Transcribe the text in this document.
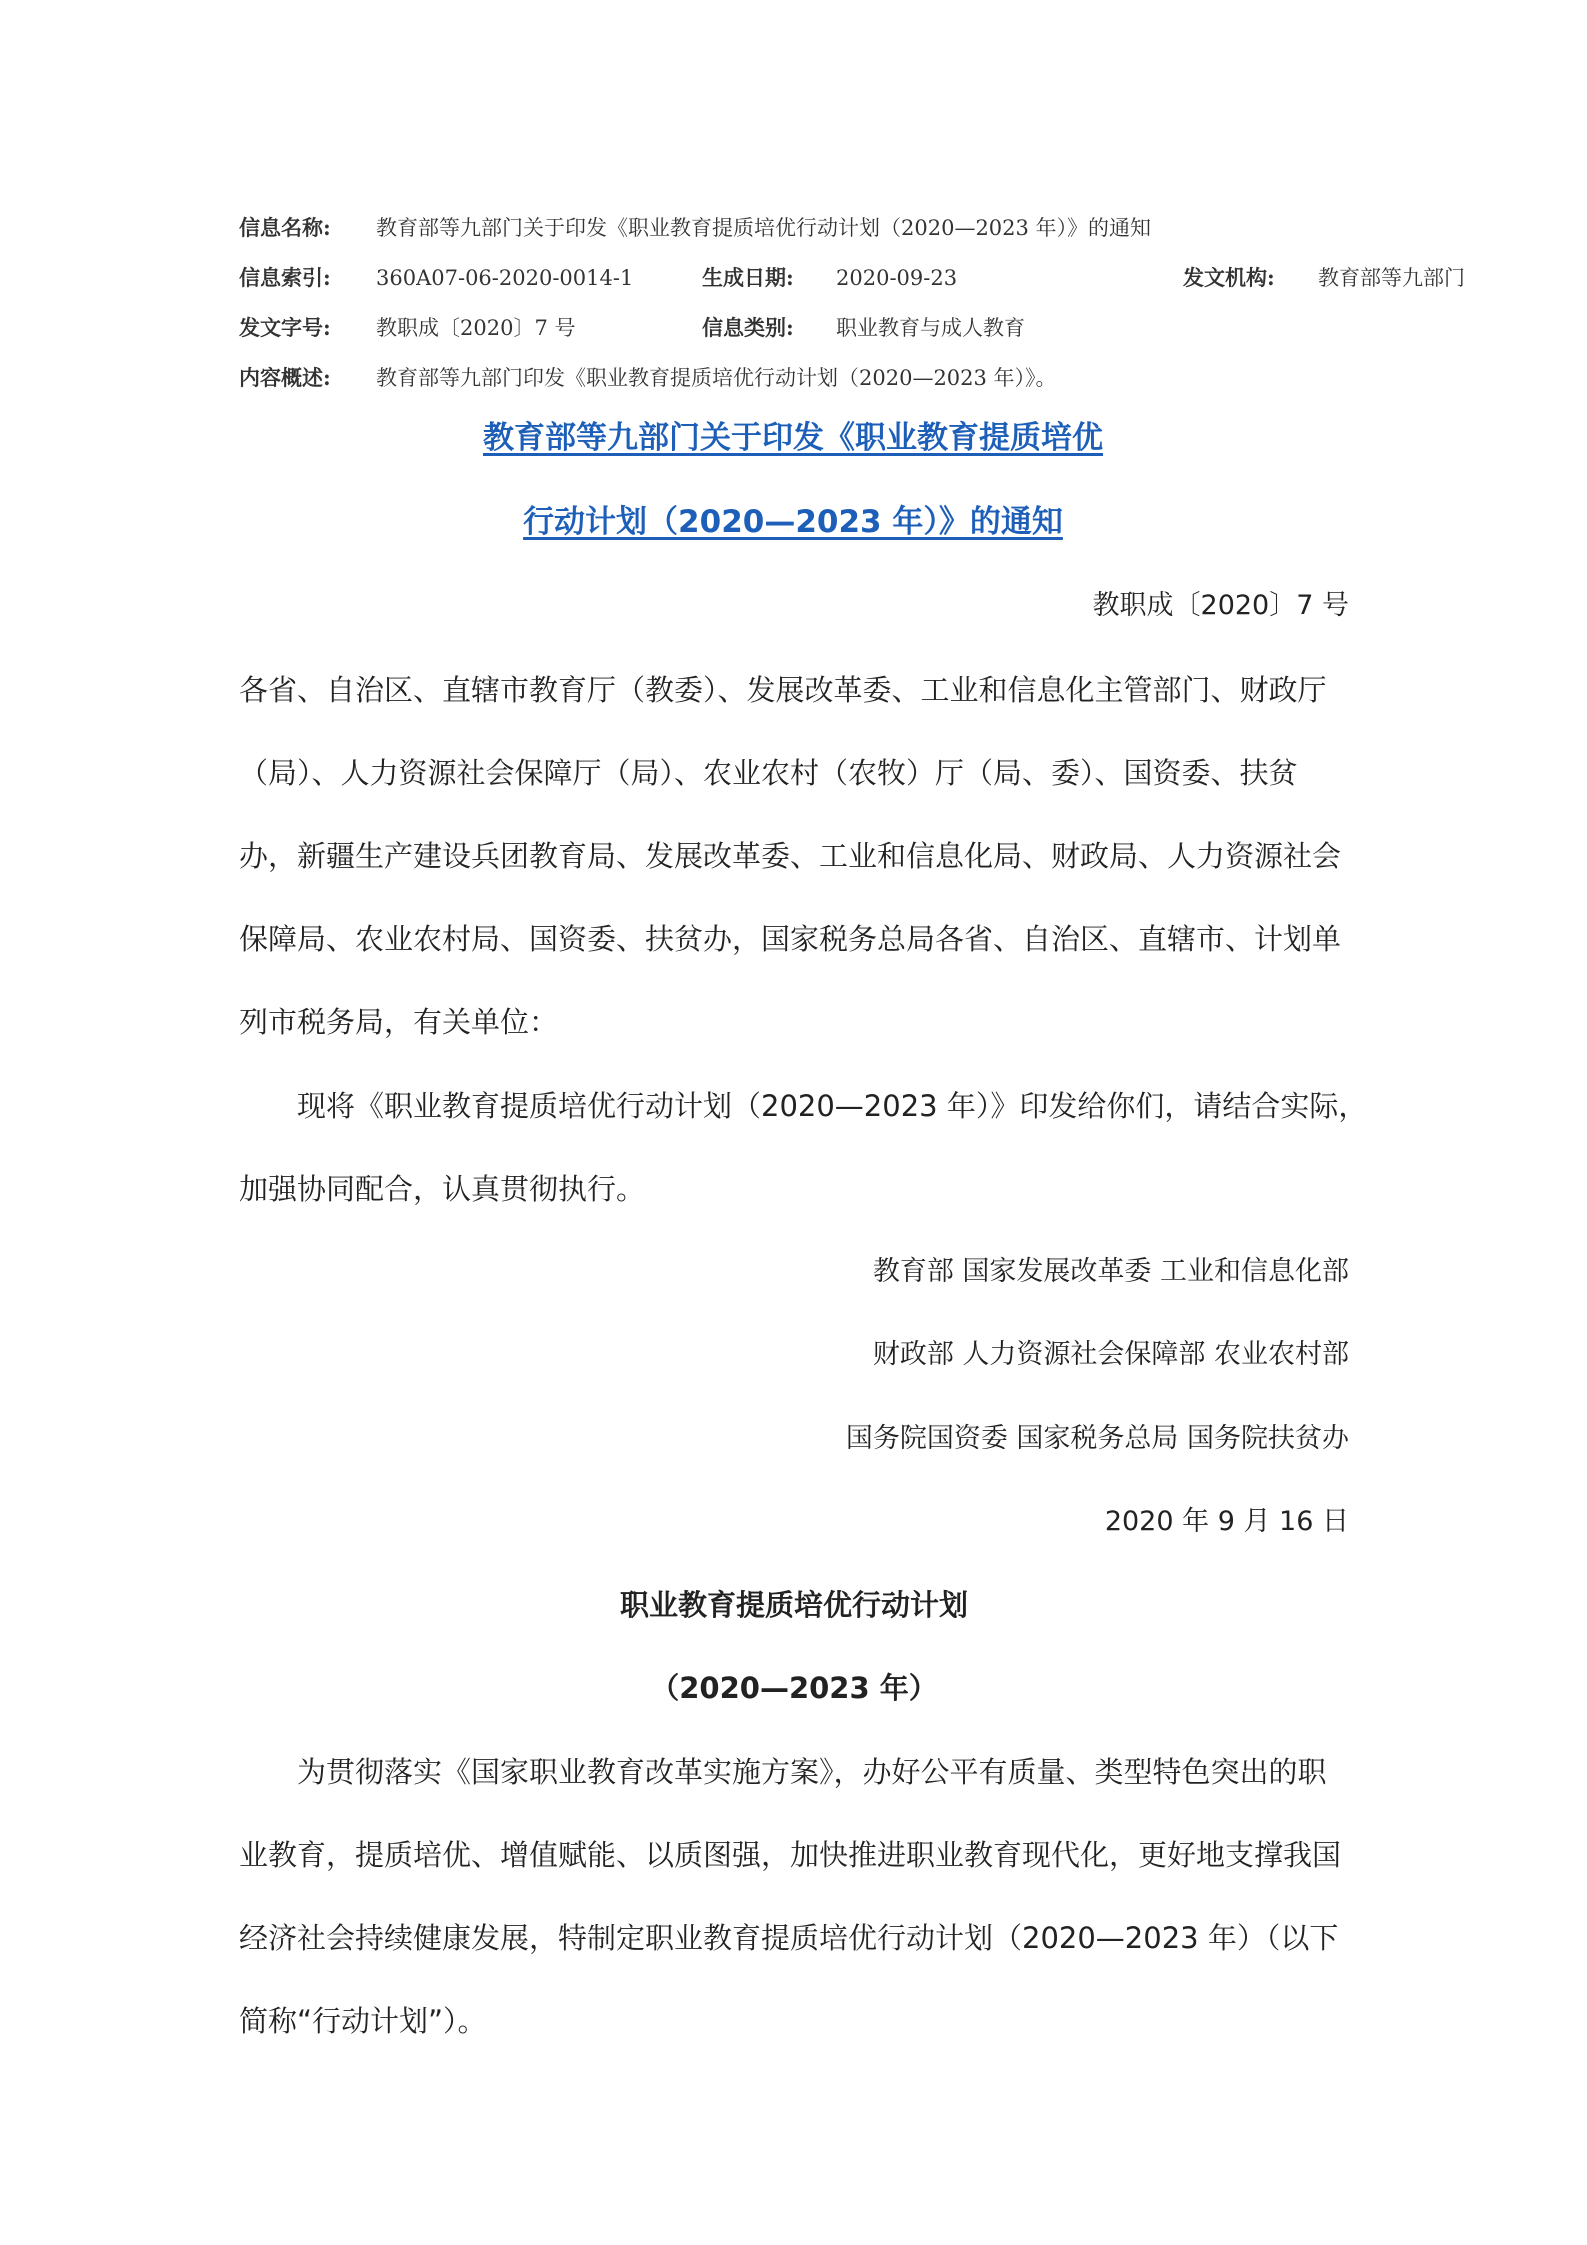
信息名称: 教育部等九部门关于印发《职业教育提质培优行动计划（2020—2023 年）》的通知
信息索引: 360A07-06-2020-0014-1	生成日期: 2020-09-23	发文机构: 教育部等九部门
发文字号: 教职成〔2020〕7 号	信息类别: 职业教育与成人教育
内容概述: 教育部等九部门印发《职业教育提质培优行动计划（2020—2023 年）》。
教育部等九部门关于印发《职业教育提质培优
行动计划（2020—2023 年）》的通知
教职成〔2020〕7 号
各省、自治区、直辖市教育厅（教委）、发展改革委、工业和信息化主管部门、财政厅
（局）、人力资源社会保障厅（局）、农业农村（农牧）厅（局、委）、国资委、扶贫
办，新疆生产建设兵团教育局、发展改革委、工业和信息化局、财政局、人力资源社会
保障局、农业农村局、国资委、扶贫办，国家税务总局各省、自治区、直辖市、计划单
列市税务局，有关单位：
现将《职业教育提质培优行动计划（2020—2023 年）》印发给你们，请结合实际，
加强协同配合，认真贯彻执行。
教育部 国家发展改革委 工业和信息化部
财政部 人力资源社会保障部 农业农村部
国务院国资委 国家税务总局 国务院扶贫办
2020 年 9 月 16 日
职业教育提质培优行动计划
（2020—2023 年）
为贯彻落实《国家职业教育改革实施方案》，办好公平有质量、类型特色突出的职
业教育，提质培优、增值赋能、以质图强，加快推进职业教育现代化，更好地支撑我国
经济社会持续健康发展，特制定职业教育提质培优行动计划（2020—2023 年）（以下
简称“行动计划”）。
